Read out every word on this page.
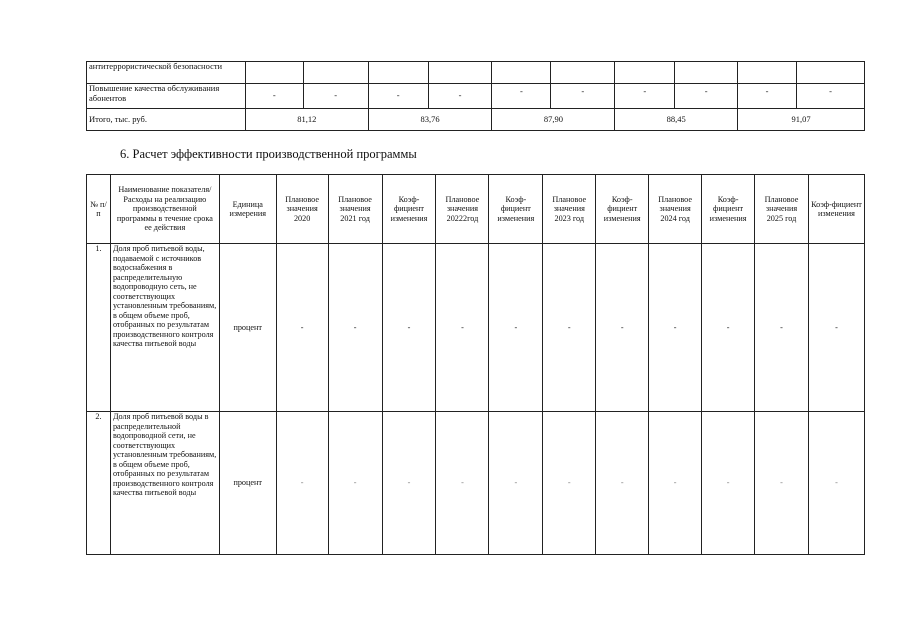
антитеррористической безопасности										
Повышение качества обслуживания абонентов	-	-	-	-	-	-	-	-	-	-
Итого, тыс. руб.	81,12		83,76		87,90		88,45		91,07	
6. Расчет эффективности производственной программы
№ п/п	Наименование показателя/Расходы на реализацию производственной программы в течение срока ее действия	Единица измерения	Плановое значения 2020	Плановое значения 2021 год	Коэф-фициент изменения	Плановое значения 20222год	Коэф-фициент изменения	Плановое значения 2023 год	Коэф-фициент изменения	Плановое значения 2024 год	Коэф-фициент изменения	Плановое значения 2025 год	Коэф-фициент изменения
1.	Доля проб питьевой воды, подаваемой с источников водоснабжения в распределительную водопроводную сеть, не соответствующих установленным требованиям, в общем объеме проб, отобранных по результатам производственного контроля качества питьевой воды	процент	-	-	-	-	-	-	-	-	-	-	-
2.	Доля проб питьевой воды в распределительной водопроводной сети, не соответствующих установленным требованиям, в общем объеме проб, отобранных по результатам производственного контроля качества питьевой воды	процент	-	-	-	-	-	-	-	-	-	-	-
